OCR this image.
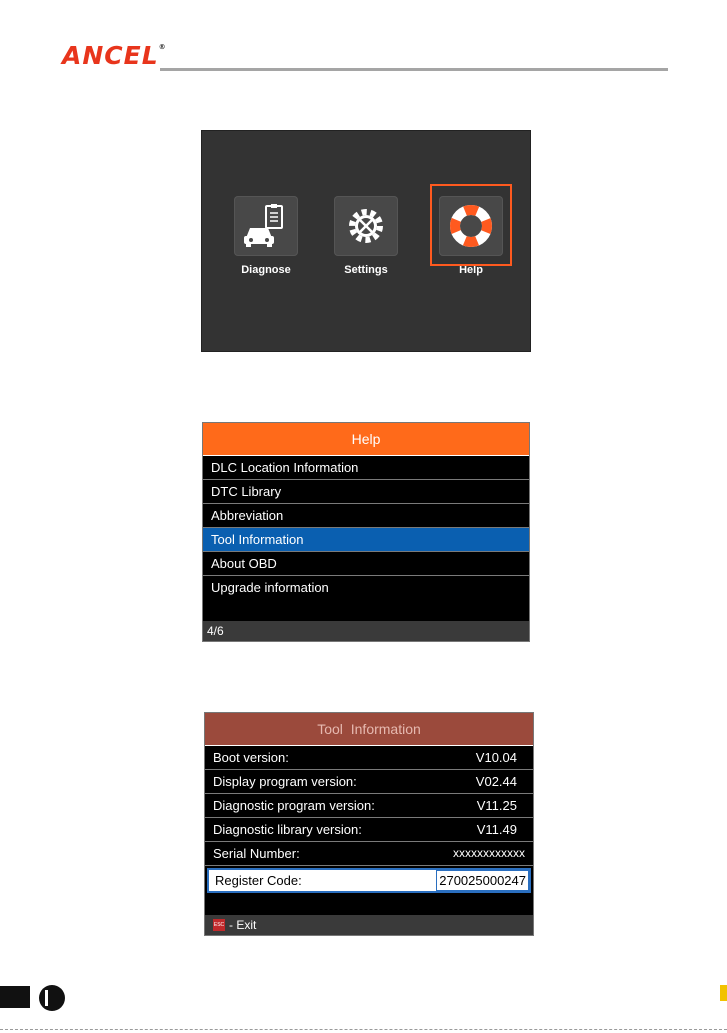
ANCEL®
Diagnose	Settings	Help
Help
DLC Location Information
DTC Library
Abbreviation
Tool Information
About OBD
Upgrade information
4/6
Tool Information
Boot version:	V10.04
Display program version:	V02.44
Diagnostic program version:	V11.25
Diagnostic library version:	V11.49
Serial Number:	xxxxxxxxxxxx
Register Code:	270025000247
ESC - Exit
